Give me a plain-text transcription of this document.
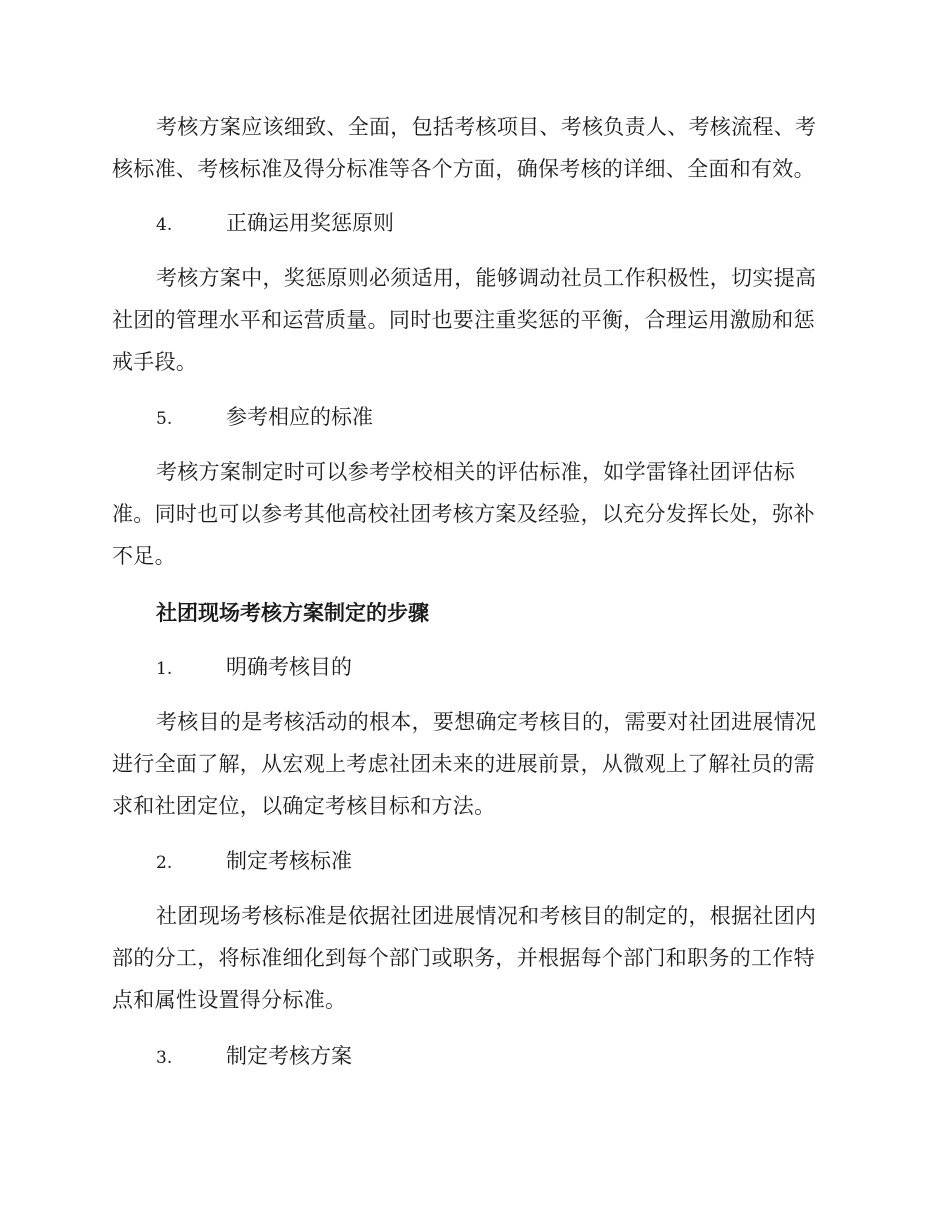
考核方案应该细致、全面，包括考核项目、考核负责人、考核流程、考核标准、考核标准及得分标准等各个方面，确保考核的详细、全面和有效。

4.	正确运用奖惩原则

考核方案中，奖惩原则必须适用，能够调动社员工作积极性，切实提高社团的管理水平和运营质量。同时也要注重奖惩的平衡，合理运用激励和惩戒手段。

5.	参考相应的标准

考核方案制定时可以参考学校相关的评估标准，如学雷锋社团评估标准。同时也可以参考其他高校社团考核方案及经验，以充分发挥长处，弥补不足。

社团现场考核方案制定的步骤
1.	明确考核目的

考核目的是考核活动的根本，要想确定考核目的，需要对社团进展情况进行全面了解，从宏观上考虑社团未来的进展前景，从微观上了解社员的需求和社团定位，以确定考核目标和方法。

2.	制定考核标准

社团现场考核标准是依据社团进展情况和考核目的制定的，根据社团内部的分工，将标准细化到每个部门或职务，并根据每个部门和职务的工作特点和属性设置得分标准。

3.	制定考核方案
